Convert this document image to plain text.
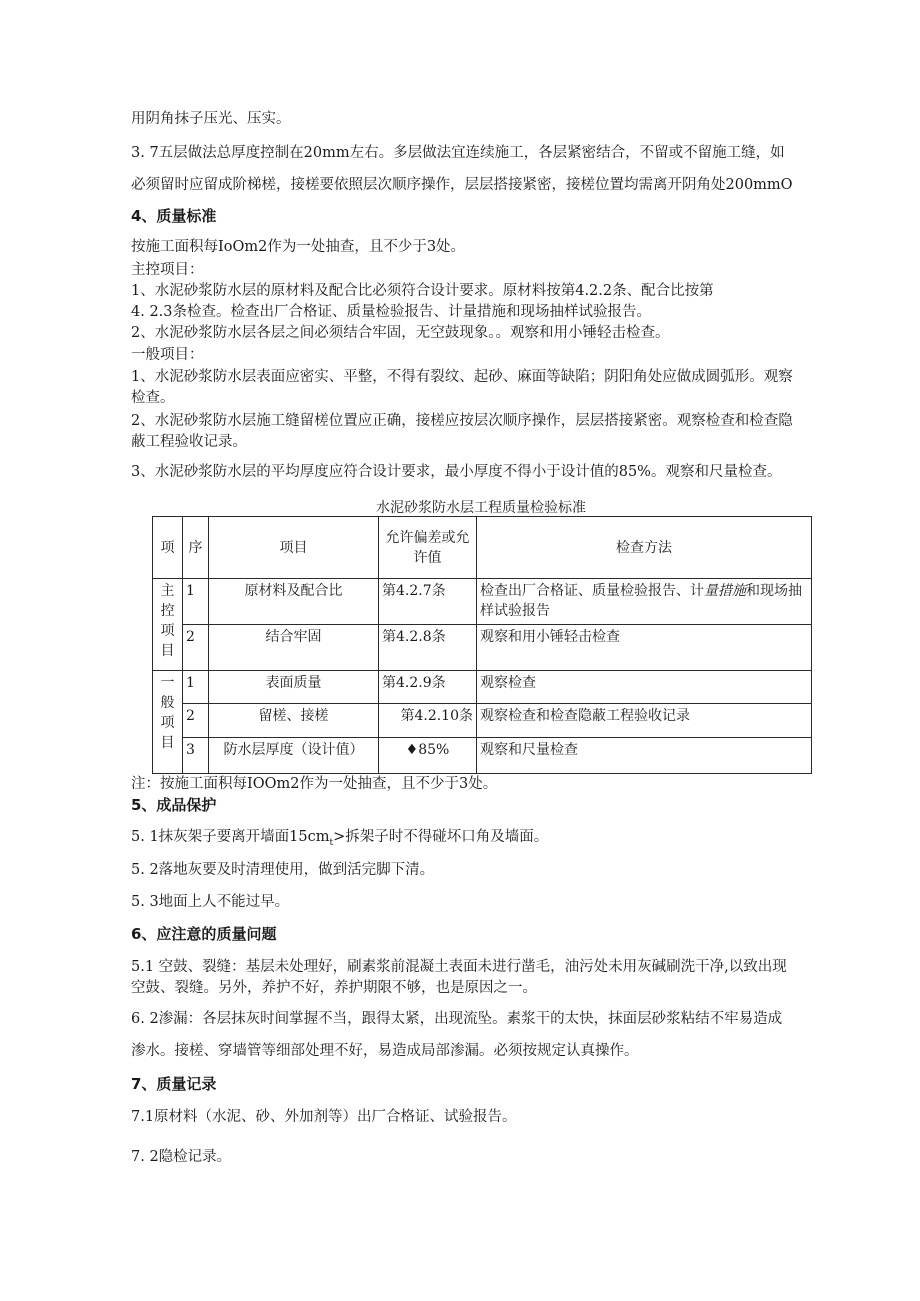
用阴角抹子压光、压实。
3. 7五层做法总厚度控制在20mm左右。多层做法宜连续施工，各层紧密结合，不留或不留施工缝，如
必须留时应留成阶梯槎，接槎要依照层次顺序操作，层层搭接紧密，接槎位置均需离开阴角处200mmO
4、质量标准
按施工面积每IoOm2作为一处抽查，且不少于3处。
主控项目：
1、水泥砂浆防水层的原材料及配合比必须符合设计要求。原材料按第4.2.2条、配合比按第
4. 2.3条检查。检查出厂合格证、质量检验报告、计量措施和现场抽样试验报告。
2、水泥砂浆防水层各层之间必须结合牢固，无空鼓现象。。观察和用小锤轻击检查。
一般项目：
1、水泥砂浆防水层表面应密实、平整，不得有裂纹、起砂、麻面等缺陷；阴阳角处应做成圆弧形。观察
检查。
2、水泥砂浆防水层施工缝留槎位置应正确，接槎应按层次顺序操作，层层搭接紧密。观察检查和检查隐
蔽工程验收记录。
3、水泥砂浆防水层的平均厚度应符合设计要求，最小厚度不得小于设计值的85%。观察和尺量检查。
水泥砂浆防水层工程质量检验标准
项	序	项目	允许偏差或允许值	检查方法

主
控
项
目	1	原材料及配合比	第4.2.7条	检查出厂合格证、质量检验报告、计量措施和现场抽样试验报告
	2	结合牢固	第4.2.8条	观察和用小锤轻击检查

一
般
项
目	1	表面质量	第4.2.9条	观察检查
	2	留槎、接槎	第4.2.10条	观察检查和检查隐蔽工程验收记录
	3	防水层厚度（设计值）	♦85%	观察和尺量检查
注：按施工面积每IOOm2作为一处抽查，且不少于3处。
5、成品保护
5. 1抹灰架子要离开墙面$15cm_t>$拆架子时不得碰坏口角及墙面。
5. 2落地灰要及时清理使用，做到活完脚下清。
5. 3地面上人不能过早。
6、应注意的质量问题
5.1 空鼓、裂缝：基层未处理好，刷素浆前混凝土表面未进行凿毛，油污处未用灰碱刷洗干净,以致出现
空鼓、裂缝。另外，养护不好，养护期限不够，也是原因之一。
6. 2渗漏：各层抹灰时间掌握不当，跟得太紧，出现流坠。素浆干的太快，抹面层砂浆粘结不牢易造成
渗水。接槎、穿墙管等细部处理不好，易造成局部渗漏。必须按规定认真操作。
7、质量记录
7.1原材料（水泥、砂、外加剂等）出厂合格证、试验报告。
7. 2隐检记录。
